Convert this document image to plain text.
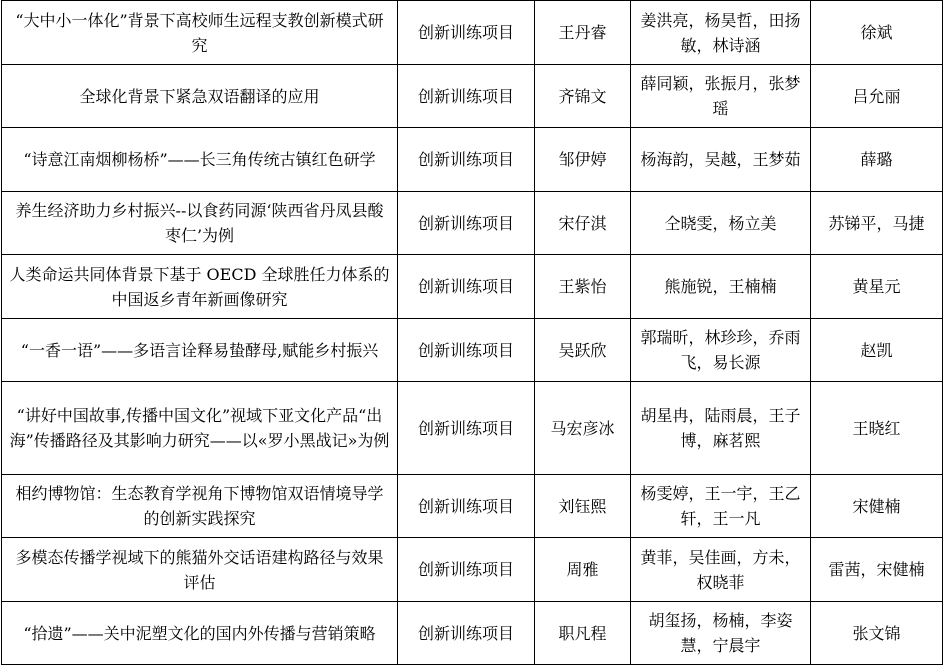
“大中小一体化”背景下高校师生远程支教创新模式研究	创新训练项目	王丹睿	姜洪亮，杨昊哲，田扬敏，林诗涵	徐斌
全球化背景下紧急双语翻译的应用	创新训练项目	齐锦文	薛同颖，张振月，张梦瑶	吕允丽
“诗意江南烟柳杨桥”——长三角传统古镇红色研学	创新训练项目	邹伊婷	杨海韵，吴越，王梦茹	薛璐
养生经济助力乡村振兴--以食药同源‘陕西省丹凤县酸枣仁’为例	创新训练项目	宋仔淇	仝晓雯，杨立美	苏锑平，马捷
人类命运共同体背景下基于 OECD 全球胜任力体系的中国返乡青年新画像研究	创新训练项目	王紫怡	熊施锐，王楠楠	黄星元
“一香一语”——多语言诠释易蛰酵母,赋能乡村振兴	创新训练项目	吴跃欣	郭瑞昕，林珍珍，乔雨飞，易长源	赵凯
“讲好中国故事,传播中国文化”视域下亚文化产品“出海”传播路径及其影响力研究——以«罗小黑战记»为例	创新训练项目	马宏彦冰	胡星冉，陆雨晨，王子博，麻茗熙	王晓红
相约博物馆：生态教育学视角下博物馆双语情境导学的创新实践探究	创新训练项目	刘钰熙	杨雯婷，王一宇，王乙轩，王一凡	宋健楠
多模态传播学视域下的熊猫外交话语建构路径与效果评估	创新训练项目	周雅	黄菲，吴佳画，方未，权晓菲	雷茜，宋健楠
“拾遗”——关中泥塑文化的国内外传播与营销策略	创新训练项目	职凡程	胡玺扬，杨楠，李姿慧，宁晨宇	张文锦
